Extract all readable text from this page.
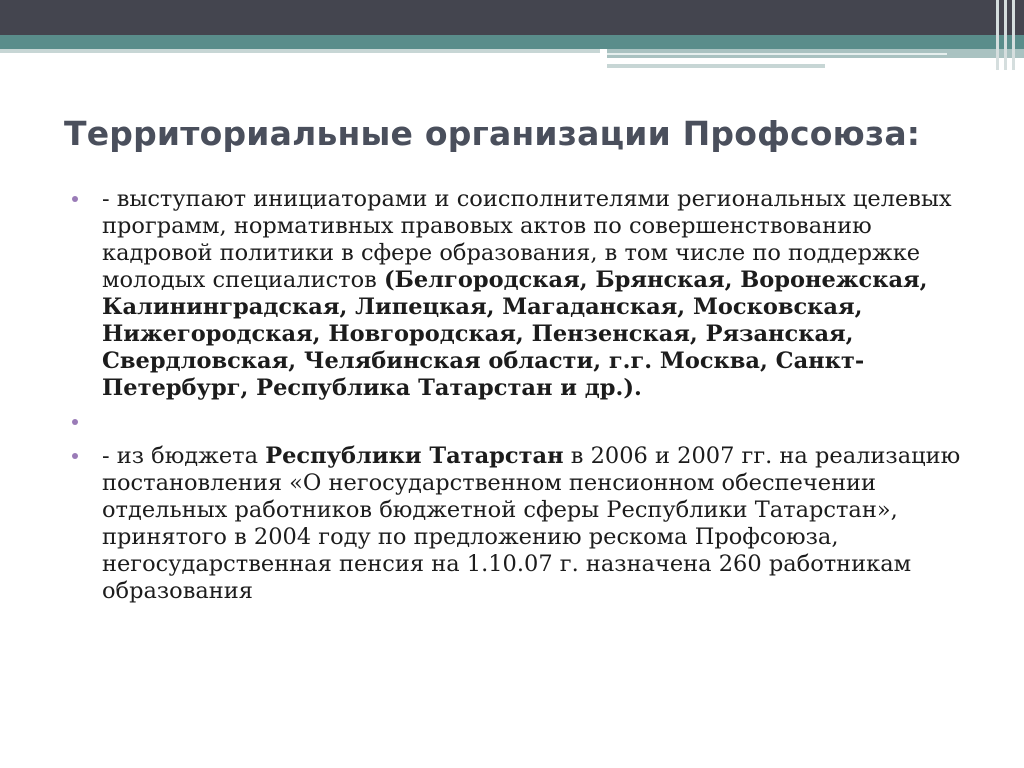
Территориальные организации Профсоюза:
- выступают инициаторами и соисполнителями региональных целевых программ, нормативных правовых актов по совершенствованию кадровой политики в сфере образования, в том числе по поддержке молодых специалистов (Белгородская, Брянская, Воронежская, Калининградская, Липецкая, Магаданская, Московская, Нижегородская, Новгородская, Пензенская, Рязанская, Свердловская, Челябинская области, г.г. Москва, Санкт-Петербург, Республика Татарстан и др.).
- из бюджета Республики Татарстан в 2006 и 2007 гг. на реализацию постановления «О негосударственном пенсионном обеспечении отдельных работников бюджетной сферы Республики Татарстан», принятого в 2004 году по предложению рескома Профсоюза, негосударственная пенсия на 1.10.07 г. назначена 260 работникам образования
